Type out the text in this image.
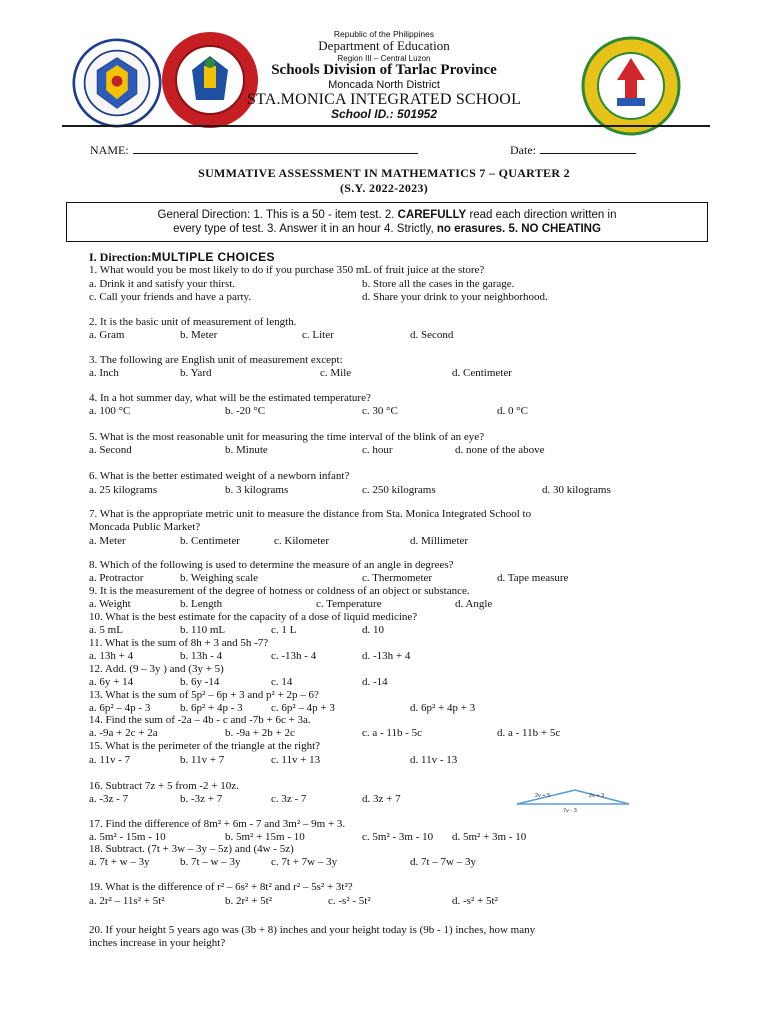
Republic of the Philippines
Department of Education
Region III – Central Luzon
Schools Division of Tarlac Province
Moncada North District
STA.MONICA INTEGRATED SCHOOL
School ID.: 501952
NAME:	Date:
SUMMATIVE ASSESSMENT IN MATHEMATICS 7 – QUARTER 2
(S.Y. 2022-2023)
General Direction: 1. This is a 50 - item test. 2. CAREFULLY read each direction written in
every type of test. 3. Answer it in an hour 4. Strictly, no erasures. 5. NO CHEATING
I. Direction:MULTIPLE CHOICES
1. What would you be most likely to do if you purchase 350 mL of fruit juice at the store?
a. Drink it and satisfy your thirst.	b. Store all the cases in the garage.
c. Call your friends and have a party.	d. Share your drink to your neighborhood.
2. It is the basic unit of measurement of length.
a. Gram	b. Meter	c. Liter	d. Second
3. The following are English unit of measurement except:
a. Inch	b. Yard	c. Mile	d. Centimeter
4. In a hot summer day, what will be the estimated temperature?
a. 100 °C	b. -20 °C	c. 30 °C	d. 0 °C
5. What is the most reasonable unit for measuring the time interval of the blink of an eye?
a. Second	b. Minute	c. hour	d. none of the above
6. What is the better estimated weight of a newborn infant?
a. 25 kilograms	b. 3 kilograms	c. 250 kilograms	d. 30 kilograms
7. What is the appropriate metric unit to measure the distance from Sta. Monica Integrated School to
Moncada Public Market?
a. Meter	b. Centimeter	c. Kilometer	d. Millimeter
8. Which of the following is used to determine the measure of an angle in degrees?
a. Protractor	b. Weighing scale	c. Thermometer	d. Tape measure
9. It is the measurement of the degree of hotness or coldness of an object or substance.
a. Weight	b. Length	c. Temperature	d. Angle
10. What is the best estimate for the capacity of a dose of liquid medicine?
a. 5 mL	b. 110 mL	c. 1 L	d. 10
11. What is the sum of 8h + 3 and 5h -7?
a. 13h + 4	b. 13h - 4	c. -13h - 4	d. -13h + 4
12. Add. (9 – 3y ) and (3y + 5)
a. 6y + 14	b. 6y -14	c. 14	d. -14
13. What is the sum of 5p² – 6p + 3 and p² + 2p – 6?
a. 6p² – 4p - 3	b. 6p² + 4p - 3	c. 6p² – 4p + 3	d. 6p² + 4p + 3
14. Find the sum of -2a – 4b - c and -7b + 6c + 3a.
a. -9a + 2c + 2a	b. -9a + 2b + 2c	c. a - 11b - 5c	d. a - 11b + 5c
15. What is the perimeter of the triangle at the right?
a. 11v - 7	b. 11v + 7	c. 11v + 13	d. 11v - 13
16. Subtract 7z + 5 from -2 + 10z.
a. -3z - 7	b. -3z + 7	c. 3z - 7	d. 3z + 7	2v + 5	2v + 3
7v - 3
17. Find the difference of 8m² + 6m - 7 and 3m² – 9m + 3.
a. 5m² - 15m - 10	b. 5m² + 15m - 10	c. 5m² - 3m - 10 d. 5m² + 3m - 10
18. Subtract. (7t + 3w – 3y – 5z) and (4w - 5z)
a. 7t + w – 3y	b. 7t – w – 3y	c. 7t + 7w – 3y	d. 7t – 7w – 3y
19. What is the difference of r² – 6s² + 8t² and r² – 5s² + 3t²?
a. 2r² – 11s² + 5t²	b. 2r² + 5t²	c. -s² - 5t²	d. -s² + 5t²
20. If your height 5 years ago was (3b + 8) inches and your height today is (9b - 1) inches, how many
inches increase in your height?
